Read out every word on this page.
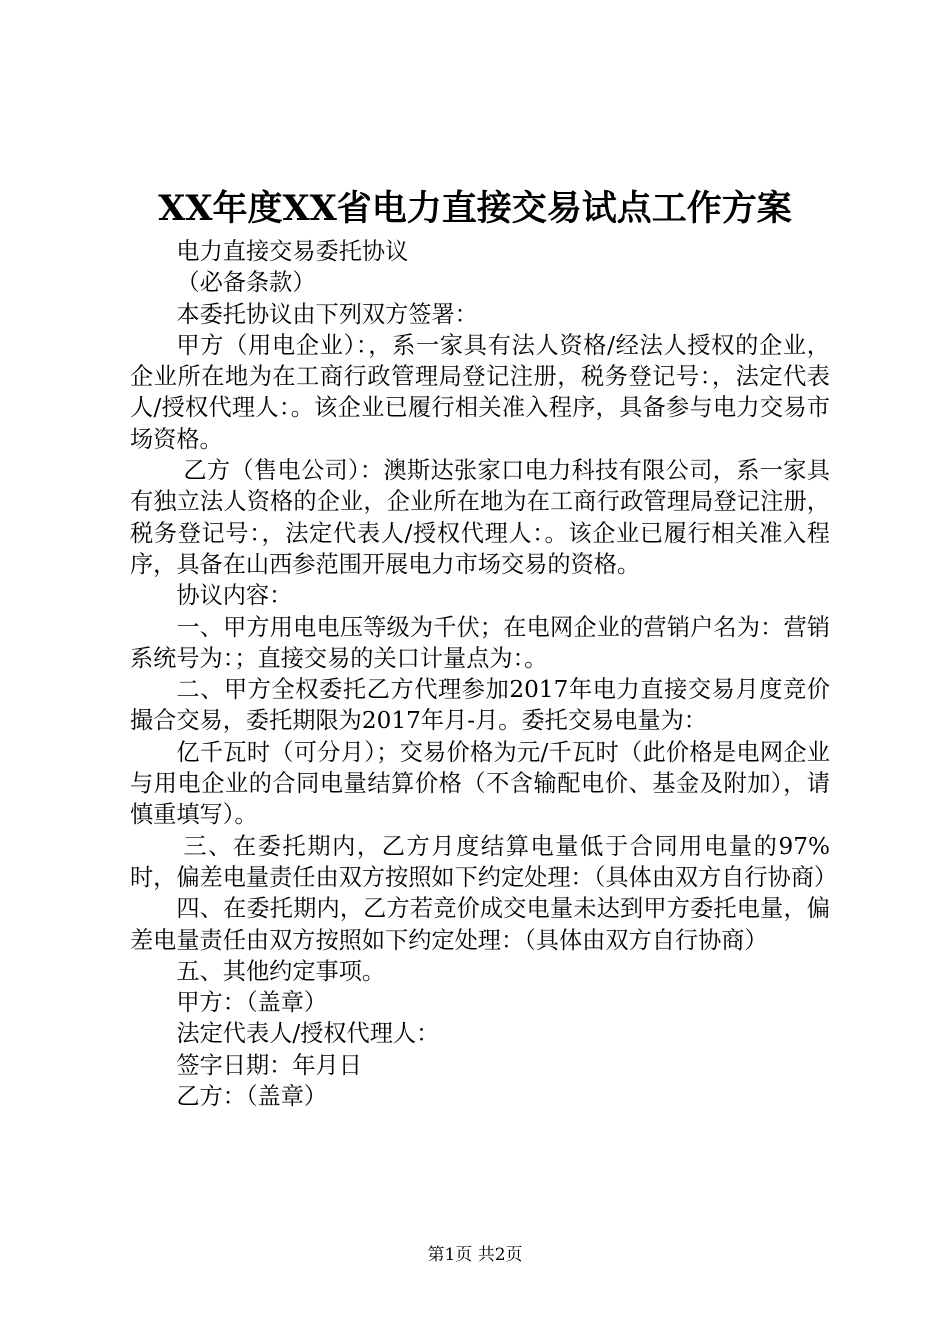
XX年度XX省电力直接交易试点工作方案

电力直接交易委托协议

（必备条款）

本委托协议由下列双方签署：

甲方（用电企业）：，系一家具有法人资格/经法人授权的企业，企业所在地为在工商行政管理局登记注册，税务登记号：，法定代表人/授权代理人：。该企业已履行相关准入程序，具备参与电力交易市场资格。

乙方（售电公司）：澳斯达张家口电力科技有限公司，系一家具有独立法人资格的企业，企业所在地为在工商行政管理局登记注册，税务登记号：，法定代表人/授权代理人：。该企业已履行相关准入程序，具备在山西参范围开展电力市场交易的资格。

协议内容：

一、甲方用电电压等级为千伏；在电网企业的营销户名为：营销系统号为：；直接交易的关口计量点为：。

二、甲方全权委托乙方代理参加2017年电力直接交易月度竞价撮合交易，委托期限为2017年月-月。委托交易电量为：

亿千瓦时（可分月）；交易价格为元/千瓦时（此价格是电网企业与用电企业的合同电量结算价格（不含输配电价、基金及附加），请慎重填写）。

三、在委托期内，乙方月度结算电量低于合同用电量的97%时，偏差电量责任由双方按照如下约定处理：（具体由双方自行协商）

四、在委托期内，乙方若竞价成交电量未达到甲方委托电量，偏差电量责任由双方按照如下约定处理：（具体由双方自行协商）

五、其他约定事项。

甲方：（盖章）

法定代表人/授权代理人：

签字日期：年月日

乙方：（盖章）

第1页 共2页
